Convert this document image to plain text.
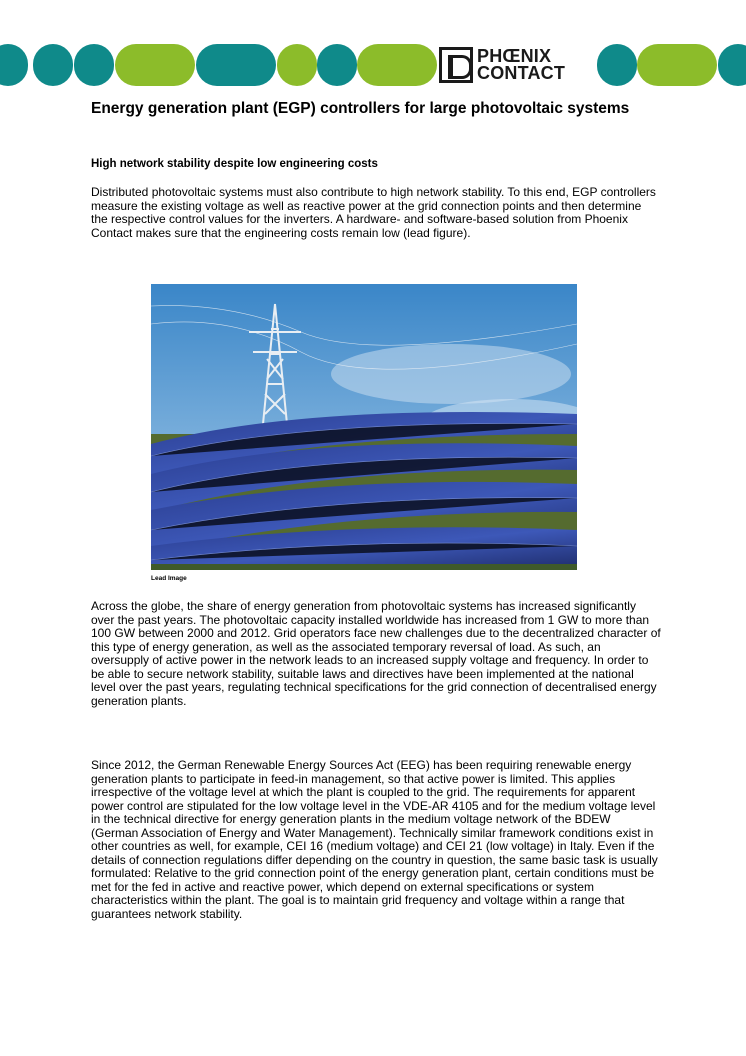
PHŒNIX
CONTACT
Energy generation plant (EGP) controllers for large photovoltaic systems

High network stability despite low engineering costs

Distributed photovoltaic systems must also contribute to high network stability. To this end, EGP controllers measure the existing voltage as well as reactive power at the grid connection points and then determine the respective control values for the inverters. A hardware- and software-based solution from Phoenix Contact makes sure that the engineering costs remain low (lead figure).

Lead Image

Across the globe, the share of energy generation from photovoltaic systems has increased significantly over the past years. The photovoltaic capacity installed worldwide has increased from 1 GW to more than 100 GW between 2000 and 2012. Grid operators face new challenges due to the decentralized character of this type of energy generation, as well as the associated temporary reversal of load. As such, an oversupply of active power in the network leads to an increased supply voltage and frequency. In order to be able to secure network stability, suitable laws and directives have been implemented at the national level over the past years, regulating technical specifications for the grid connection of decentralised energy generation plants.

Since 2012, the German Renewable Energy Sources Act (EEG) has been requiring renewable energy generation plants to participate in feed-in management, so that active power is limited. This applies irrespective of the voltage level at which the plant is coupled to the grid. The requirements for apparent power control are stipulated for the low voltage level in the VDE-AR 4105 and for the medium voltage level in the technical directive for energy generation plants in the medium voltage network of the BDEW (German Association of Energy and Water Management). Technically similar framework conditions exist in other countries as well, for example, CEI 16 (medium voltage) and CEI 21 (low voltage) in Italy. Even if the details of connection regulations differ depending on the country in question, the same basic task is usually formulated: Relative to the grid connection point of the energy generation plant, certain conditions must be met for the fed in active and reactive power, which depend on external specifications or system characteristics within the plant. The goal is to maintain grid frequency and voltage within a range that guarantees network stability.
